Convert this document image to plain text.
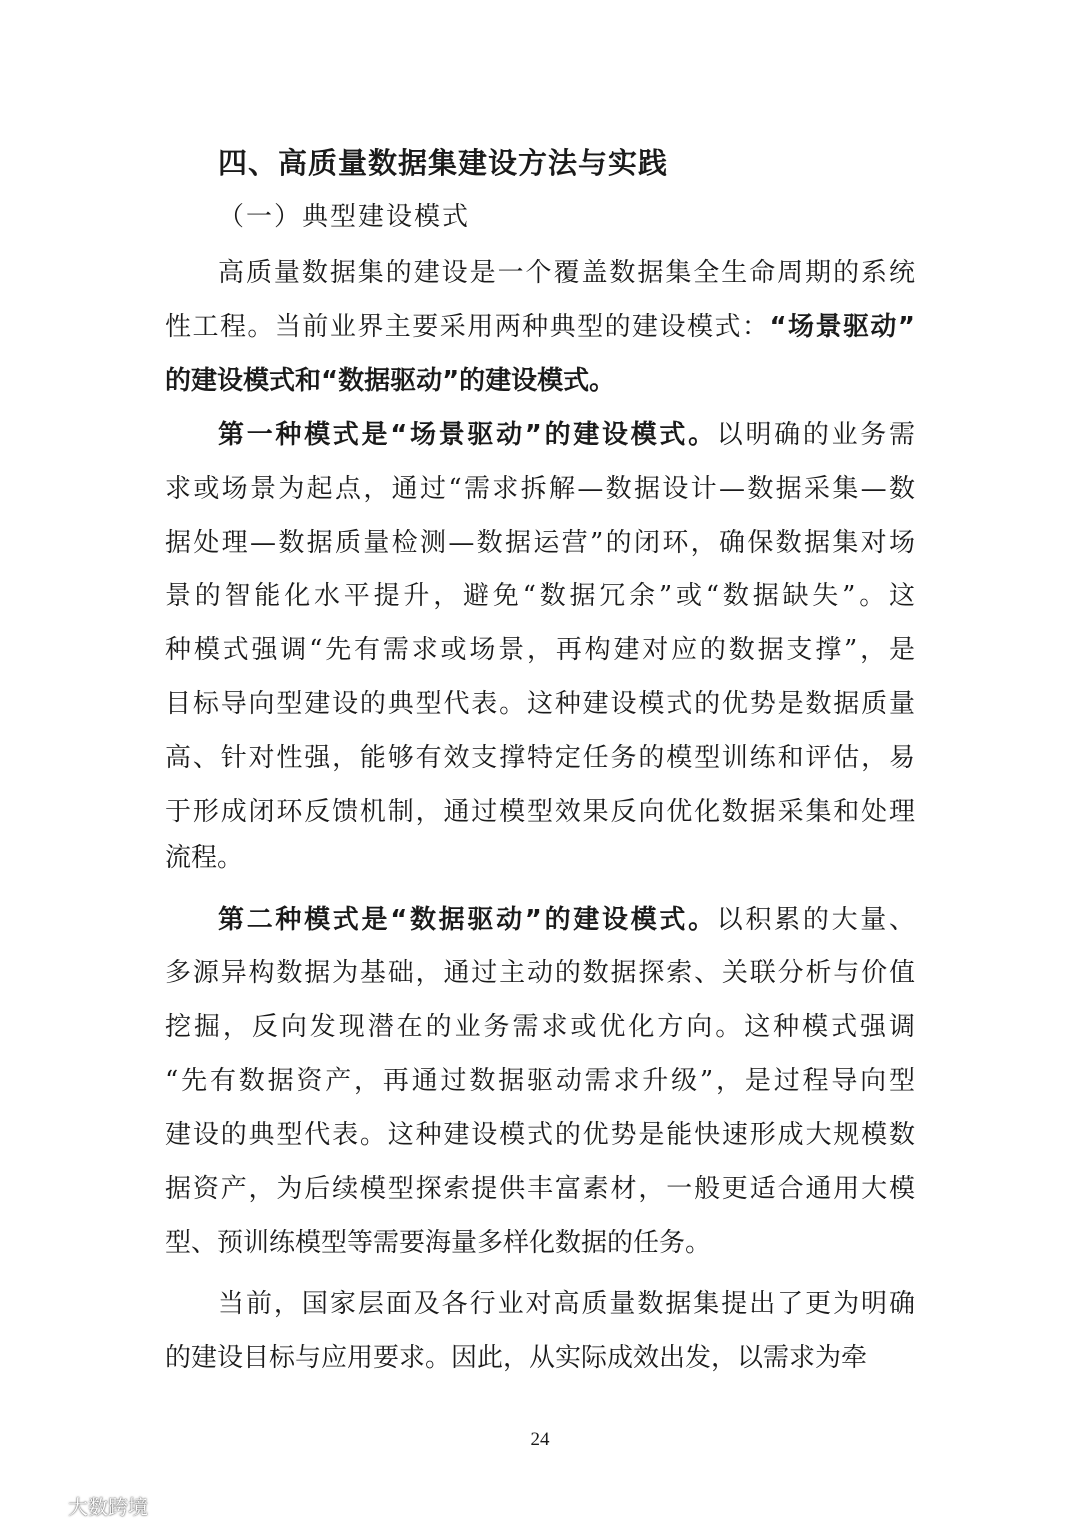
四、高质量数据集建设方法与实践
（一）典型建设模式
高质量数据集的建设是一个覆盖数据集全生命周期的系统
性工程。当前业界主要采用两种典型的建设模式：“场景驱动”
的建设模式和“数据驱动”的建设模式。
第一种模式是“场景驱动”的建设模式。以明确的业务需
求或场景为起点，通过“需求拆解—数据设计—数据采集—数
据处理—数据质量检测—数据运营”的闭环，确保数据集对场
景的智能化水平提升，避免“数据冗余”或“数据缺失”。这
种模式强调“先有需求或场景，再构建对应的数据支撑”，是
目标导向型建设的典型代表。这种建设模式的优势是数据质量
高、针对性强，能够有效支撑特定任务的模型训练和评估，易
于形成闭环反馈机制，通过模型效果反向优化数据采集和处理
流程。
第二种模式是“数据驱动”的建设模式。以积累的大量、
多源异构数据为基础，通过主动的数据探索、关联分析与价值
挖掘，反向发现潜在的业务需求或优化方向。这种模式强调
“先有数据资产，再通过数据驱动需求升级”，是过程导向型
建设的典型代表。这种建设模式的优势是能快速形成大规模数
据资产，为后续模型探索提供丰富素材，一般更适合通用大模
型、预训练模型等需要海量多样化数据的任务。
当前，国家层面及各行业对高质量数据集提出了更为明确
的建设目标与应用要求。因此，从实际成效出发，以需求为牵
24
大数跨境
